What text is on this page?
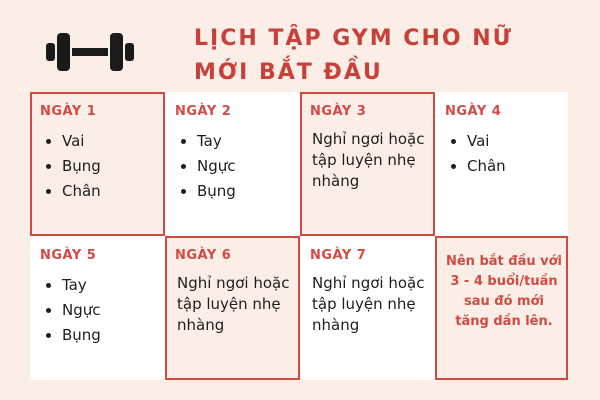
LỊCH TẬP GYM CHO NỮ
MỚI BẮT ĐẦU
NGÀY 1
• Vai
• Bụng
• Chân
NGÀY 2
• Tay
• Ngực
• Bụng
NGÀY 3
Nghỉ ngơi hoặc tập luyện nhẹ nhàng
NGÀY 4
• Vai
• Chân
NGÀY 5
• Tay
• Ngực
• Bụng
NGÀY 6
Nghỉ ngơi hoặc tập luyện nhẹ nhàng
NGÀY 7
Nghỉ ngơi hoặc tập luyện nhẹ nhàng
Nên bắt đầu với 3 - 4 buổi/tuần sau đó mới tăng dần lên.
